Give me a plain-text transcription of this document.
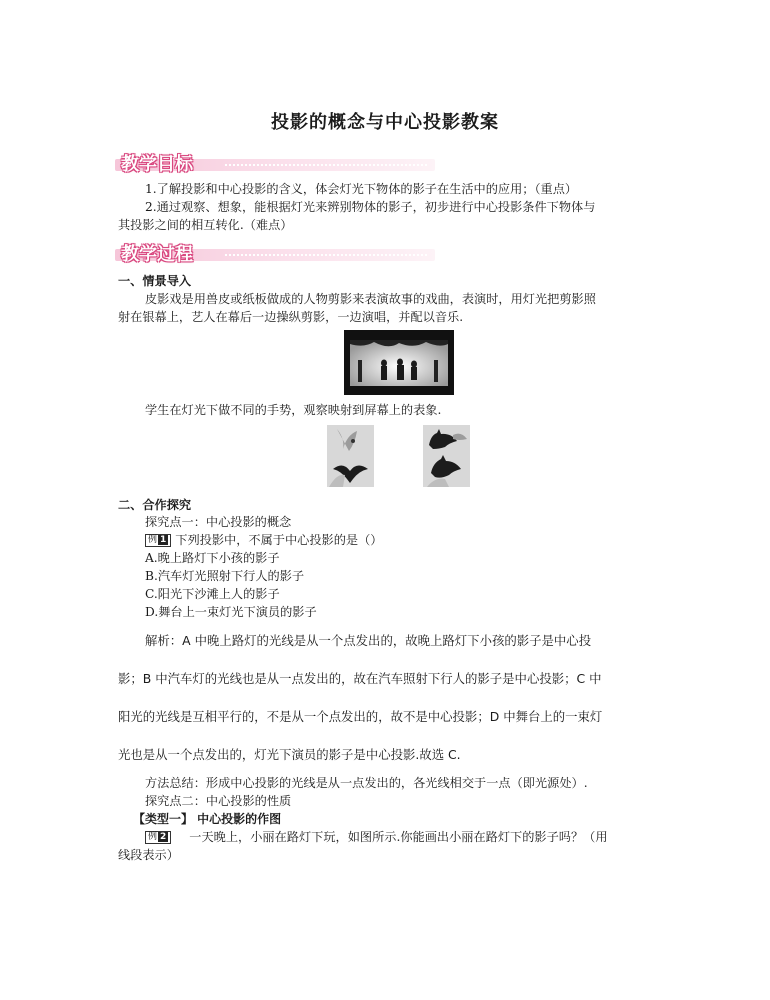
投影的概念与中心投影教案
教学目标
1.了解投影和中心投影的含义，体会灯光下物体的影子在生活中的应用；（重点）
2.通过观察、想象，能根据灯光来辨别物体的影子，初步进行中心投影条件下物体与
其投影之间的相互转化.（难点）
教学过程
一、情景导入
皮影戏是用兽皮或纸板做成的人物剪影来表演故事的戏曲，表演时，用灯光把剪影照
射在银幕上，艺人在幕后一边操纵剪影，一边演唱，并配以音乐.
学生在灯光下做不同的手势，观察映射到屏幕上的表象.
二、合作探究
探究点一：中心投影的概念
例 1 下列投影中，不属于中心投影的是（）
A.晚上路灯下小孩的影子
B.汽车灯光照射下行人的影子
C.阳光下沙滩上人的影子
D.舞台上一束灯光下演员的影子
解析：A 中晚上路灯的光线是从一个点发出的，故晚上路灯下小孩的影子是中心投
影；B 中汽车灯的光线也是从一点发出的，故在汽车照射下行人的影子是中心投影；C 中
阳光的光线是互相平行的，不是从一个点发出的，故不是中心投影；D 中舞台上的一束灯
光也是从一个点发出的，灯光下演员的影子是中心投影.故选 C.
方法总结：形成中心投影的光线是从一点发出的，各光线相交于一点（即光源处）.
探究点二：中心投影的性质
【类型一】 中心投影的作图
例 2 一天晚上，小丽在路灯下玩，如图所示.你能画出小丽在路灯下的影子吗？（用
线段表示）
